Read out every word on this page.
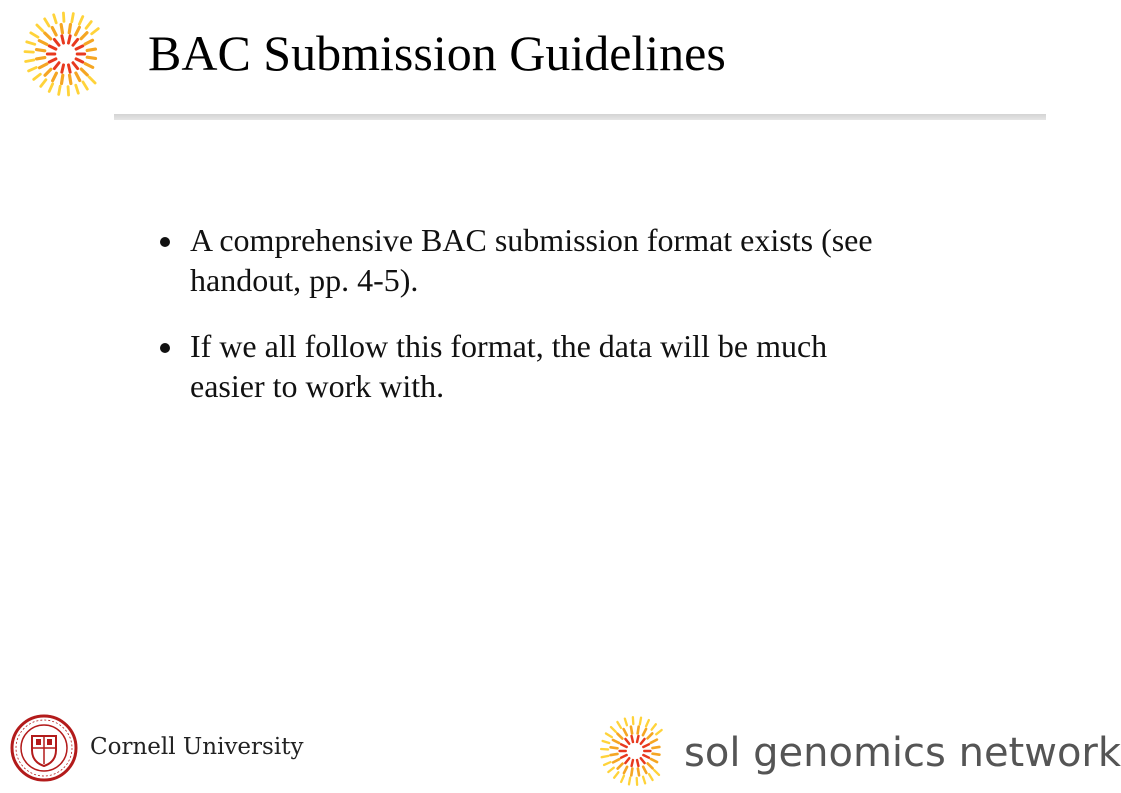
BAC Submission Guidelines
A comprehensive BAC submission format exists (see handout, pp. 4-5).
If we all follow this format, the data will be much easier to work with.
Cornell University	sol genomics network
